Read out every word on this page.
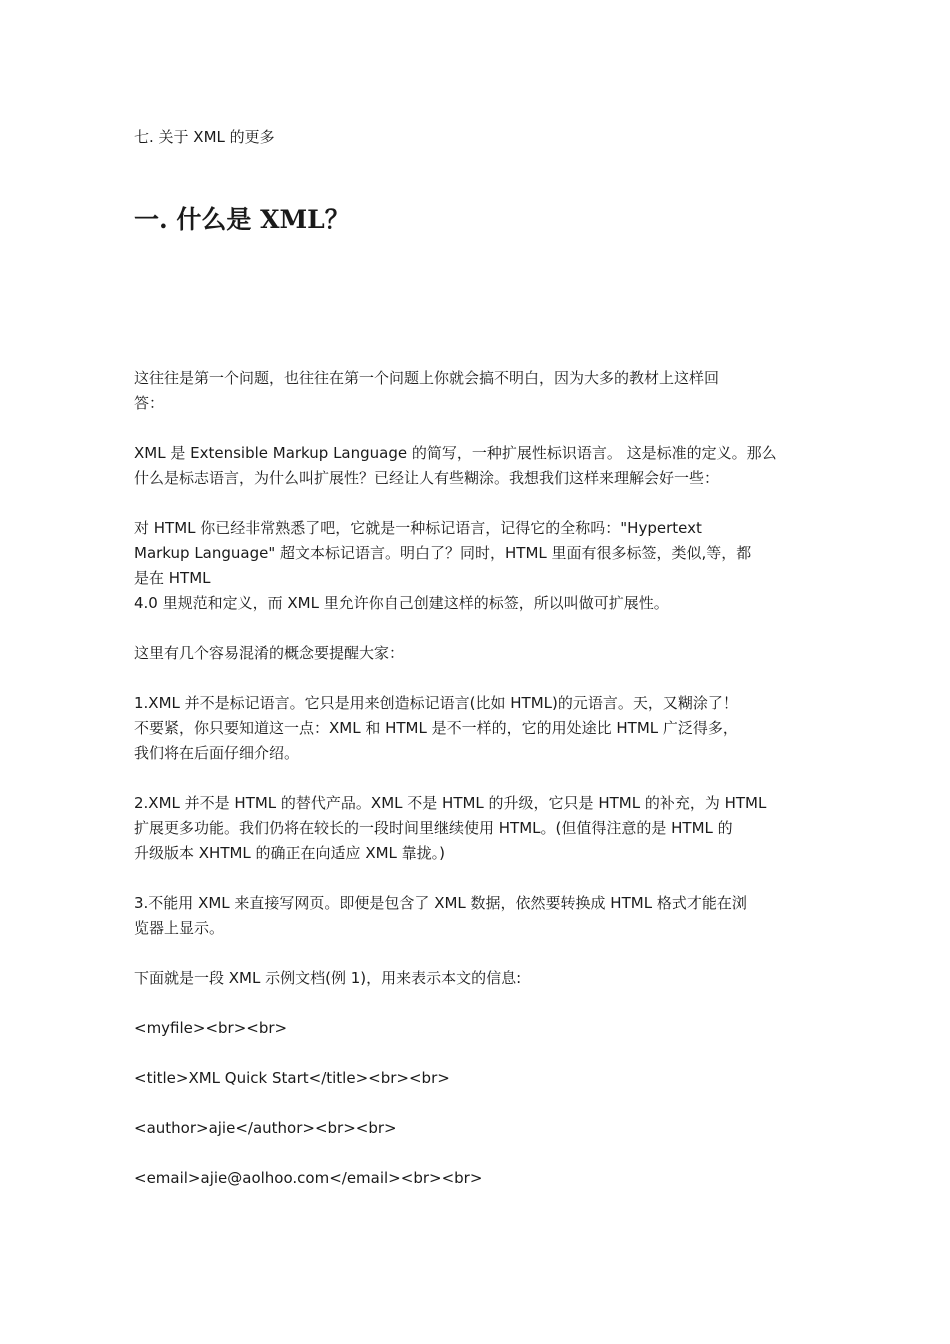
七. 关于 XML 的更多
一. 什么是 XML？

这往往是第一个问题，也往往在第一个问题上你就会搞不明白，因为大多的教材上这样回
答：

XML 是 Extensible Markup Language 的简写，一种扩展性标识语言。 这是标准的定义。那么
什么是标志语言，为什么叫扩展性？已经让人有些糊涂。我想我们这样来理解会好一些：

对 HTML 你已经非常熟悉了吧，它就是一种标记语言，记得它的全称吗："Hypertext
Markup Language" 超文本标记语言。明白了？同时，HTML 里面有很多标签，类似,等，都
是在 HTML
4.0 里规范和定义，而 XML 里允许你自己创建这样的标签，所以叫做可扩展性。

这里有几个容易混淆的概念要提醒大家：

1.XML 并不是标记语言。它只是用来创造标记语言(比如 HTML)的元语言。天，又糊涂了！
不要紧，你只要知道这一点：XML 和 HTML 是不一样的，它的用处途比 HTML 广泛得多，
我们将在后面仔细介绍。

2.XML 并不是 HTML 的替代产品。XML 不是 HTML 的升级，它只是 HTML 的补充，为 HTML
扩展更多功能。我们仍将在较长的一段时间里继续使用 HTML。(但值得注意的是 HTML 的
升级版本 XHTML 的确正在向适应 XML 靠拢。)

3.不能用 XML 来直接写网页。即便是包含了 XML 数据，依然要转换成 HTML 格式才能在浏
览器上显示。

下面就是一段 XML 示例文档(例 1)，用来表示本文的信息:

<myfile><br><br>

<title>XML Quick Start</title><br><br>

<author>ajie</author><br><br>

<email>ajie@aolhoo.com</email><br><br>
